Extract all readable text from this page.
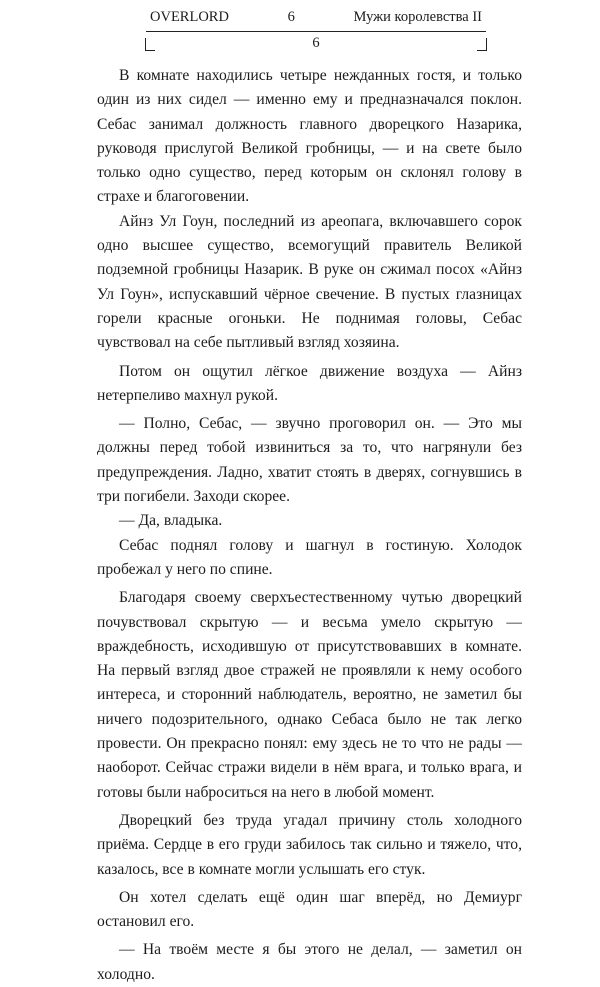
OVERLORD	6	Мужи королевства II
6

В комнате находились четыре нежданных гостя, и только один из них сидел — именно ему и предназначался поклон. Себас занимал должность главного дворецкого Назарика, руководя прислугой Великой гробницы, — и на свете было только одно существо, перед которым он склонял голову в страхе и благоговении.

Айнз Ул Гоун, последний из ареопага, включавшего сорок одно высшее существо, всемогущий правитель Великой подземной гробницы Назарик. В руке он сжимал посох «Айнз Ул Гоун», испускавший чёрное свечение. В пустых глазницах горели красные огоньки. Не поднимая головы, Себас чувствовал на себе пытливый взгляд хозяина.

Потом он ощутил лёгкое движение воздуха — Айнз нетерпеливо махнул рукой.

— Полно, Себас, — звучно проговорил он. — Это мы должны перед тобой извиниться за то, что нагрянули без предупреждения. Ладно, хватит стоять в дверях, согнувшись в три погибели. Заходи скорее.

— Да, владыка.

Себас поднял голову и шагнул в гостиную. Холодок пробежал у него по спине.

Благодаря своему сверхъестественному чутью дворецкий почувствовал скрытую — и весьма умело скрытую — враждебность, исходившую от присутствовавших в комнате. На первый взгляд двое стражей не проявляли к нему особого интереса, и сторонний наблюдатель, вероятно, не заметил бы ничего подозрительного, однако Себаса было не так легко провести. Он прекрасно понял: ему здесь не то что не рады — наоборот. Сейчас стражи видели в нём врага, и только врага, и готовы были наброситься на него в любой момент.

Дворецкий без труда угадал причину столь холодного приёма. Сердце в его груди забилось так сильно и тяжело, что, казалось, все в комнате могли услышать его стук.

Он хотел сделать ещё один шаг вперёд, но Демиург остановил его.

— На твоём месте я бы этого не делал, — заметил он холодно.
